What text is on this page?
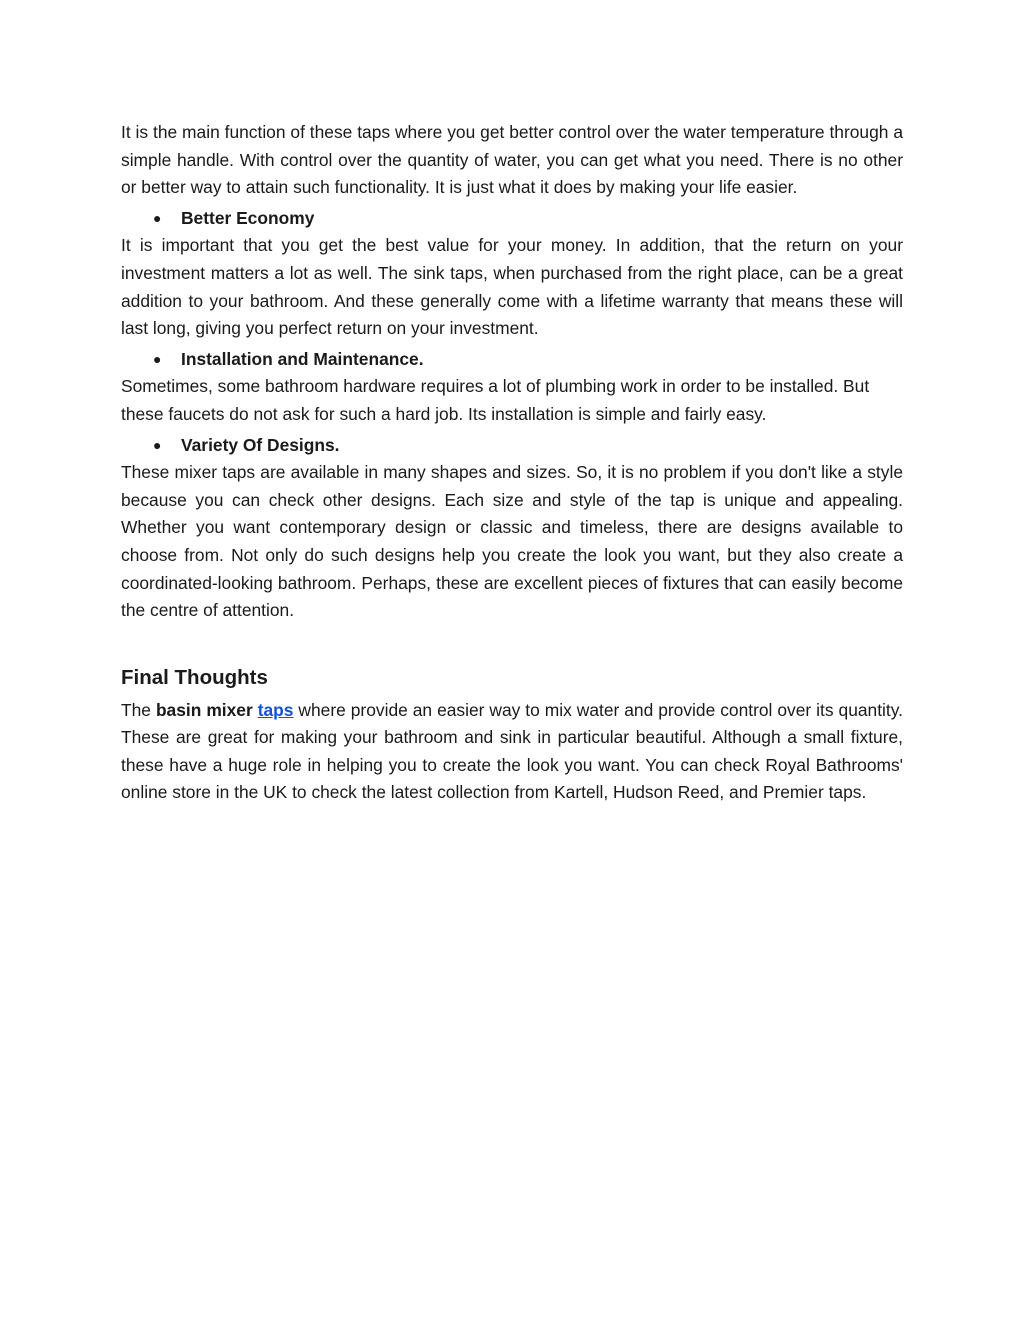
It is the main function of these taps where you get better control over the water temperature through a simple handle. With control over the quantity of water, you can get what you need. There is no other or better way to attain such functionality. It is just what it does by making your life easier.

● Better Economy

It is important that you get the best value for your money. In addition, that the return on your investment matters a lot as well. The sink taps, when purchased from the right place, can be a great addition to your bathroom. And these generally come with a lifetime warranty that means these will last long, giving you perfect return on your investment.

● Installation and Maintenance.

Sometimes, some bathroom hardware requires a lot of plumbing work in order to be installed. But these faucets do not ask for such a hard job. Its installation is simple and fairly easy.

● Variety Of Designs.

These mixer taps are available in many shapes and sizes. So, it is no problem if you don't like a style because you can check other designs. Each size and style of the tap is unique and appealing. Whether you want contemporary design or classic and timeless, there are designs available to choose from. Not only do such designs help you create the look you want, but they also create a coordinated-looking bathroom. Perhaps, these are excellent pieces of fixtures that can easily become the centre of attention.

Final Thoughts

The basin mixer taps where provide an easier way to mix water and provide control over its quantity. These are great for making your bathroom and sink in particular beautiful. Although a small fixture, these have a huge role in helping you to create the look you want. You can check Royal Bathrooms' online store in the UK to check the latest collection from Kartell, Hudson Reed, and Premier taps.
